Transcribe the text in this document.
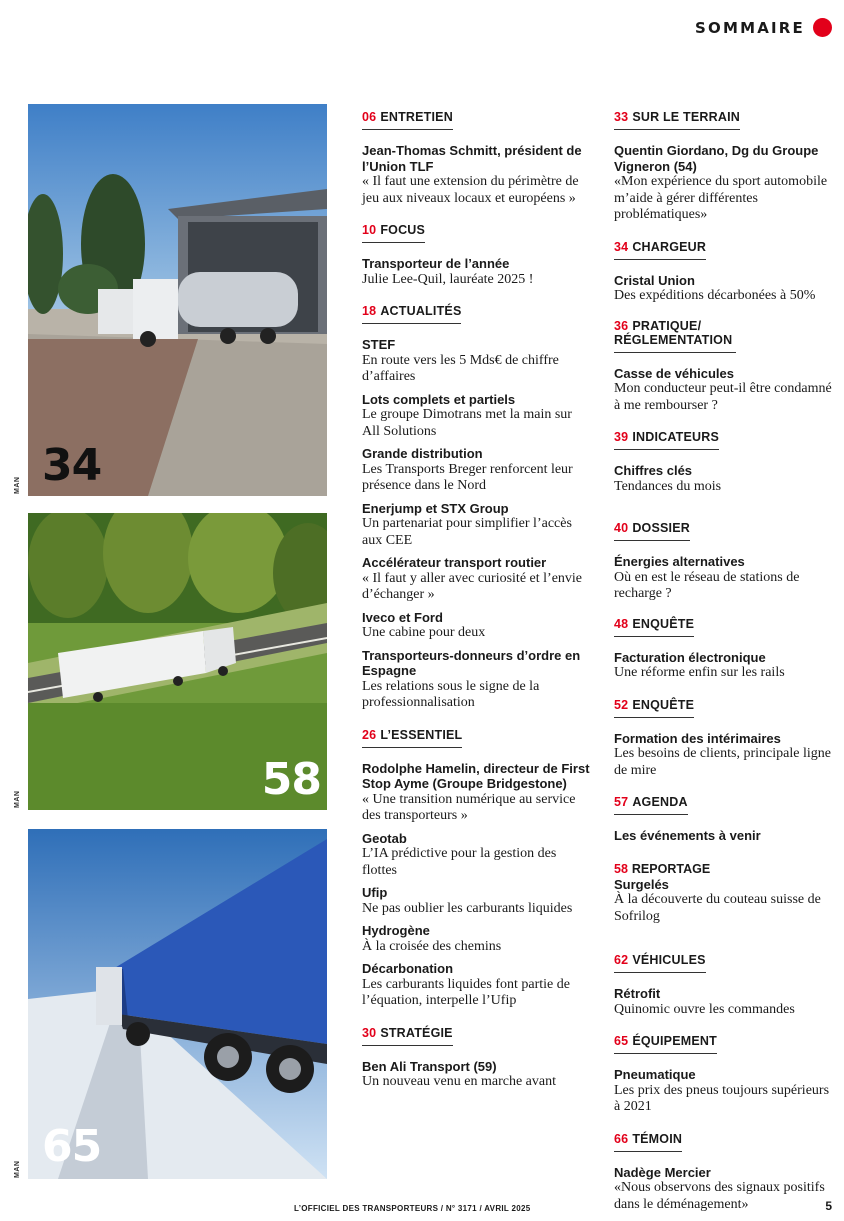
SOMMAIRE
34
MAN
58
MAN
65
MAN
06 ENTRETIEN
Jean-Thomas Schmitt, président de l’Union TLF
« Il faut une extension du périmètre de jeu aux niveaux locaux et européens »
10 FOCUS
Transporteur de l’année
Julie Lee-Quil, lauréate 2025 !
18 ACTUALITÉS
STEF
En route vers les 5 Mds€ de chiffre d’affaires
Lots complets et partiels
Le groupe Dimotrans met la main sur All Solutions
Grande distribution
Les Transports Breger renforcent leur présence dans le Nord
Enerjump et STX Group
Un partenariat pour simplifier l’accès aux CEE
Accélérateur transport routier
« Il faut y aller avec curiosité et l’envie d’échanger »
Iveco et Ford
Une cabine pour deux
Transporteurs-donneurs d’ordre en Espagne
Les relations sous le signe de la professionnalisation
26 L’ESSENTIEL
Rodolphe Hamelin, directeur de First Stop Ayme (Groupe Bridgestone)
« Une transition numérique au service des transporteurs »
Geotab
L’IA prédictive pour la gestion des flottes
Ufip
Ne pas oublier les carburants liquides
Hydrogène
À la croisée des chemins
Décarbonation
Les carburants liquides font partie de l’équation, interpelle l’Ufip
30 STRATÉGIE
Ben Ali Transport (59)
Un nouveau venu en marche avant
33 SUR LE TERRAIN
Quentin Giordano, Dg du Groupe Vigneron (54)
«Mon expérience du sport automobile m’aide à gérer différentes problématiques»
34 CHARGEUR
Cristal Union
Des expéditions décarbonées à 50%
36 PRATIQUE/ RÉGLEMENTATION
Casse de véhicules
Mon conducteur peut-il être condamné à me rembourser ?
39 INDICATEURS
Chiffres clés
Tendances du mois
40 DOSSIER
Énergies alternatives
Où en est le réseau de stations de recharge ?
48 ENQUÊTE
Facturation électronique
Une réforme enfin sur les rails
52 ENQUÊTE
Formation des intérimaires
Les besoins de clients, principale ligne de mire
57 AGENDA
Les événements à venir
58 REPORTAGE
Surgelés
À la découverte du couteau suisse de Sofrilog
62 VÉHICULES
Rétrofit
Quinomic ouvre les commandes
65 ÉQUIPEMENT
Pneumatique
Les prix des pneus toujours supérieurs à 2021
66 TÉMOIN
Nadège Mercier
«Nous observons des signaux positifs dans le déménagement»
L’OFFICIEL DES TRANSPORTEURS / N° 3171 / AVRIL 2025	5
